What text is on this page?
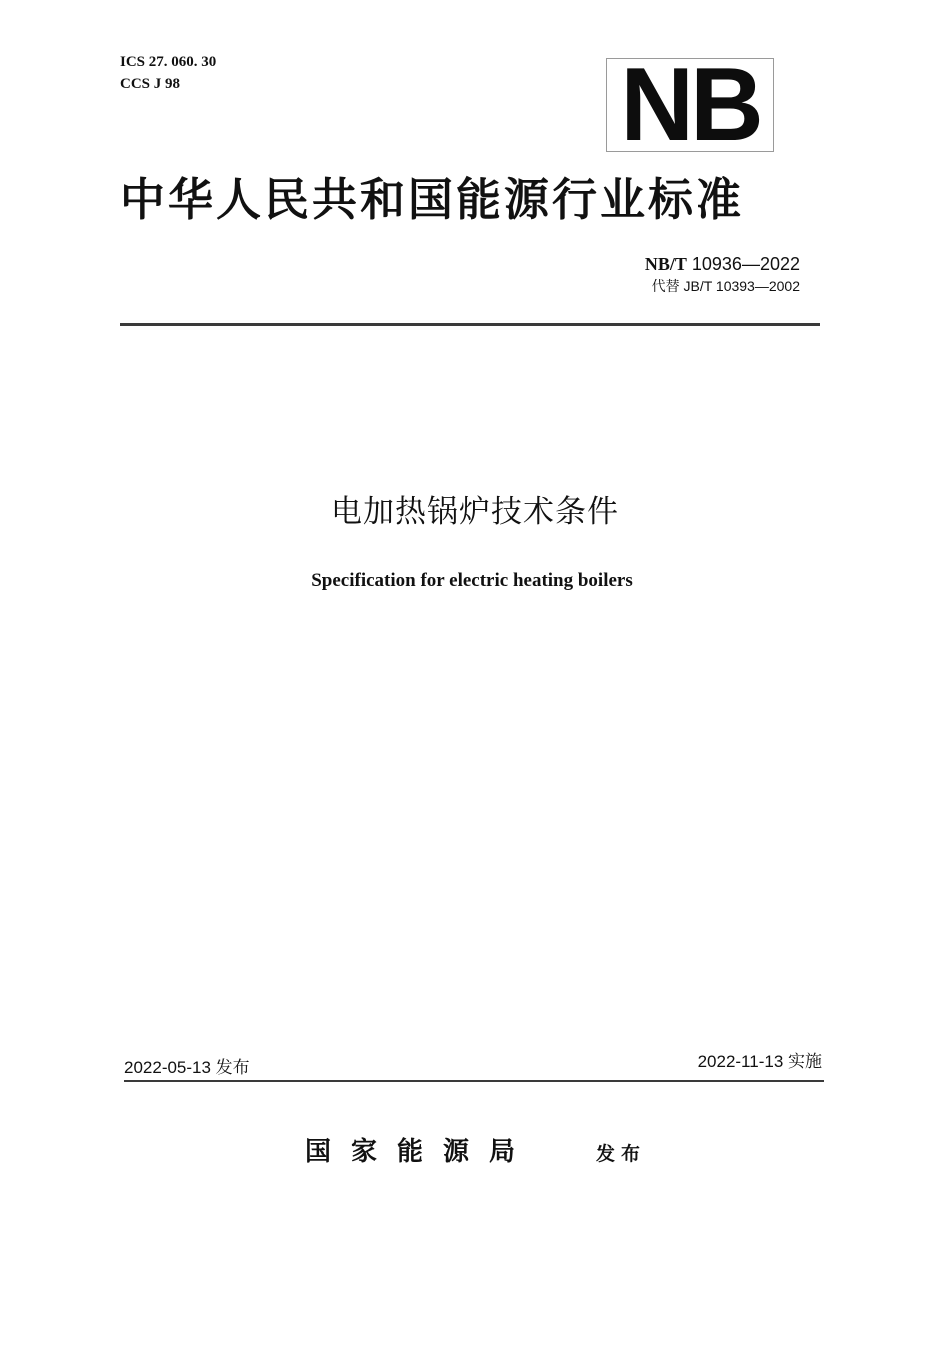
ICS 27. 060. 30
CCS J 98	NB
中华人民共和国能源行业标准
NB/T 10936—2022
代替 JB/T 10393—2002
电加热锅炉技术条件
Specification for electric heating boilers
2022-05-13 发布	2022-11-13 实施
国家能源局	发布
